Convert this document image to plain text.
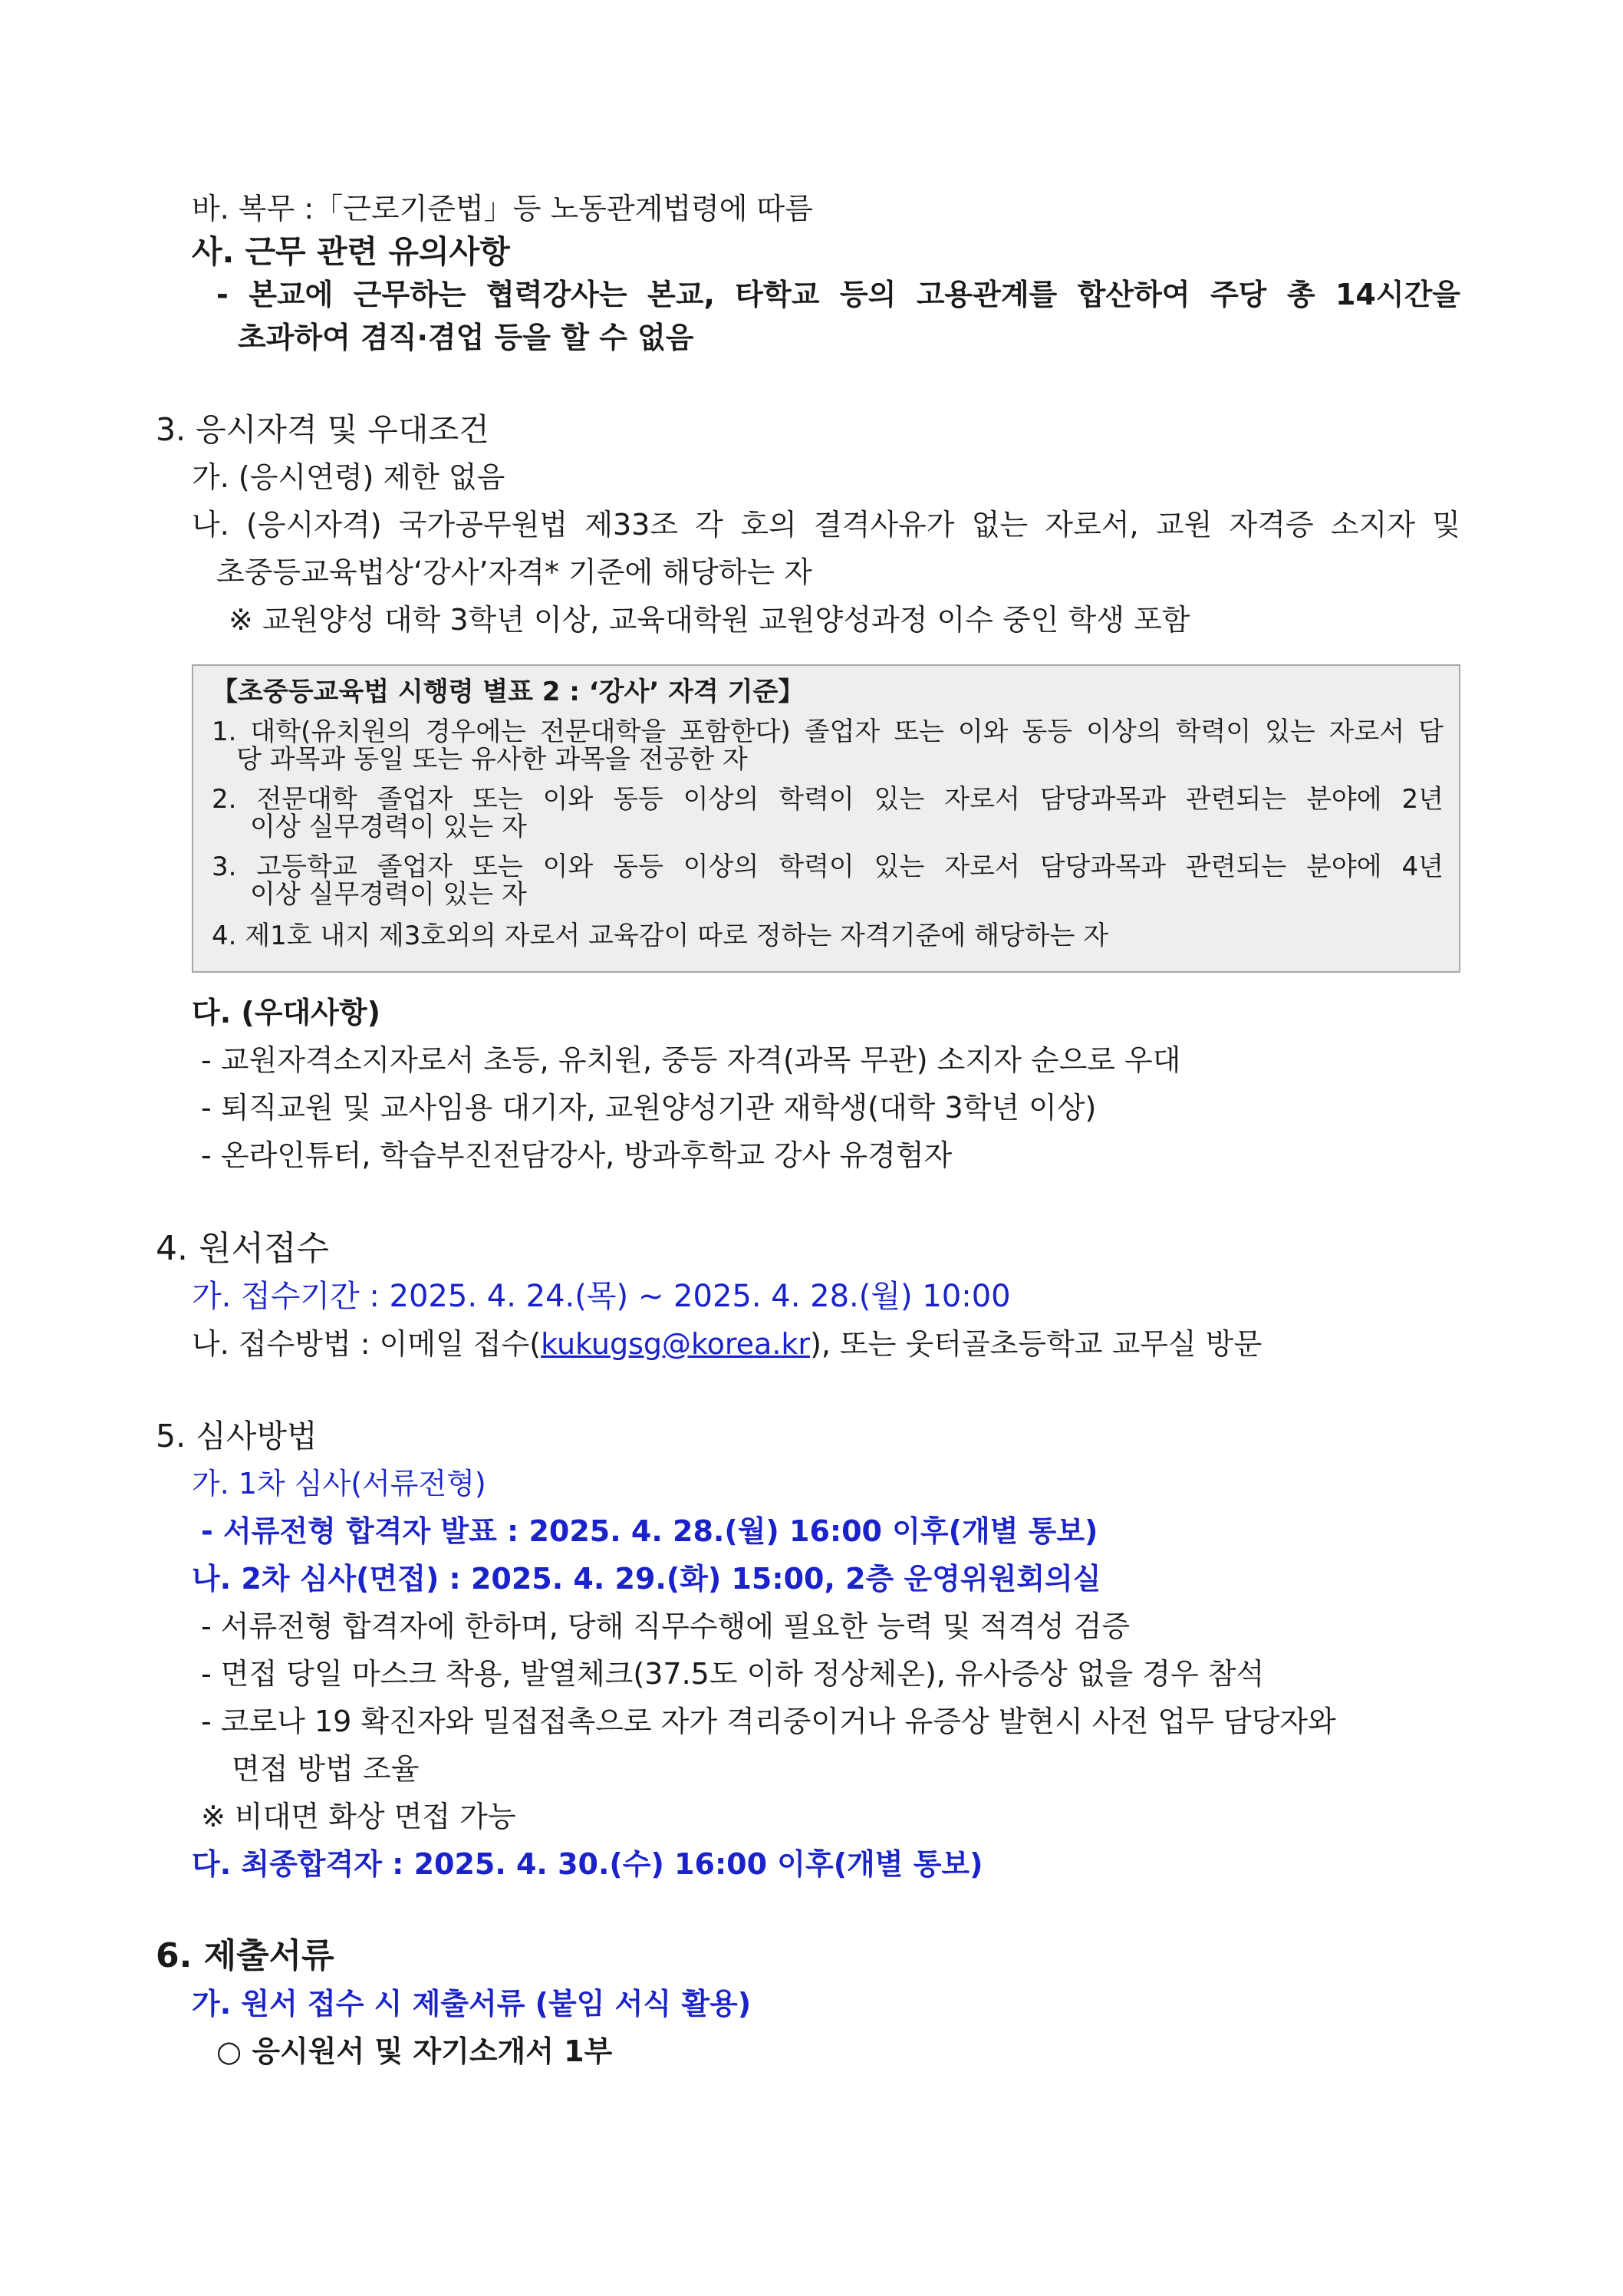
바. 복무 :「근로기준법」등 노동관계법령에 따름
사. 근무 관련 유의사항
- 본교에 근무하는 협력강사는 본교, 타학교 등의 고용관계를 합산하여 주당 총 14시간을
초과하여 겸직·겸업 등을 할 수 없음
3. 응시자격 및 우대조건
가. (응시연령) 제한 없음
나. (응시자격) 국가공무원법 제33조 각 호의 결격사유가 없는 자로서, 교원 자격증 소지자 및
초중등교육법상‘강사’자격* 기준에 해당하는 자
※ 교원양성 대학 3학년 이상, 교육대학원 교원양성과정 이수 중인 학생 포함
【초중등교육법 시행령 별표 2 : ‘강사’ 자격 기준】
1. 대학(유치원의 경우에는 전문대학을 포함한다) 졸업자 또는 이와 동등 이상의 학력이 있는 자로서 담
당 과목과 동일 또는 유사한 과목을 전공한 자
2. 전문대학 졸업자 또는 이와 동등 이상의 학력이 있는 자로서 담당과목과 관련되는 분야에 2년
이상 실무경력이 있는 자
3. 고등학교 졸업자 또는 이와 동등 이상의 학력이 있는 자로서 담당과목과 관련되는 분야에 4년
이상 실무경력이 있는 자
4. 제1호 내지 제3호외의 자로서 교육감이 따로 정하는 자격기준에 해당하는 자
다. (우대사항)
- 교원자격소지자로서 초등, 유치원, 중등 자격(과목 무관) 소지자 순으로 우대
- 퇴직교원 및 교사임용 대기자, 교원양성기관 재학생(대학 3학년 이상)
- 온라인튜터, 학습부진전담강사, 방과후학교 강사 유경험자
4. 원서접수
가. 접수기간 : 2025. 4. 24.(목) ~ 2025. 4. 28.(월) 10:00
나. 접수방법 : 이메일 접수(kukugsg@korea.kr), 또는 웃터골초등학교 교무실 방문
5. 심사방법
가. 1차 심사(서류전형)
- 서류전형 합격자 발표 : 2025. 4. 28.(월) 16:00 이후(개별 통보)
나. 2차 심사(면접) : 2025. 4. 29.(화) 15:00, 2층 운영위원회의실
- 서류전형 합격자에 한하며, 당해 직무수행에 필요한 능력 및 적격성 검증
- 면접 당일 마스크 착용, 발열체크(37.5도 이하 정상체온), 유사증상 없을 경우 참석
- 코로나 19 확진자와 밀접접촉으로 자가 격리중이거나 유증상 발현시 사전 업무 담당자와
면접 방법 조율
※ 비대면 화상 면접 가능
다. 최종합격자 : 2025. 4. 30.(수) 16:00 이후(개별 통보)
6. 제출서류
가. 원서 접수 시 제출서류 (붙임 서식 활용)
○ 응시원서 및 자기소개서 1부
